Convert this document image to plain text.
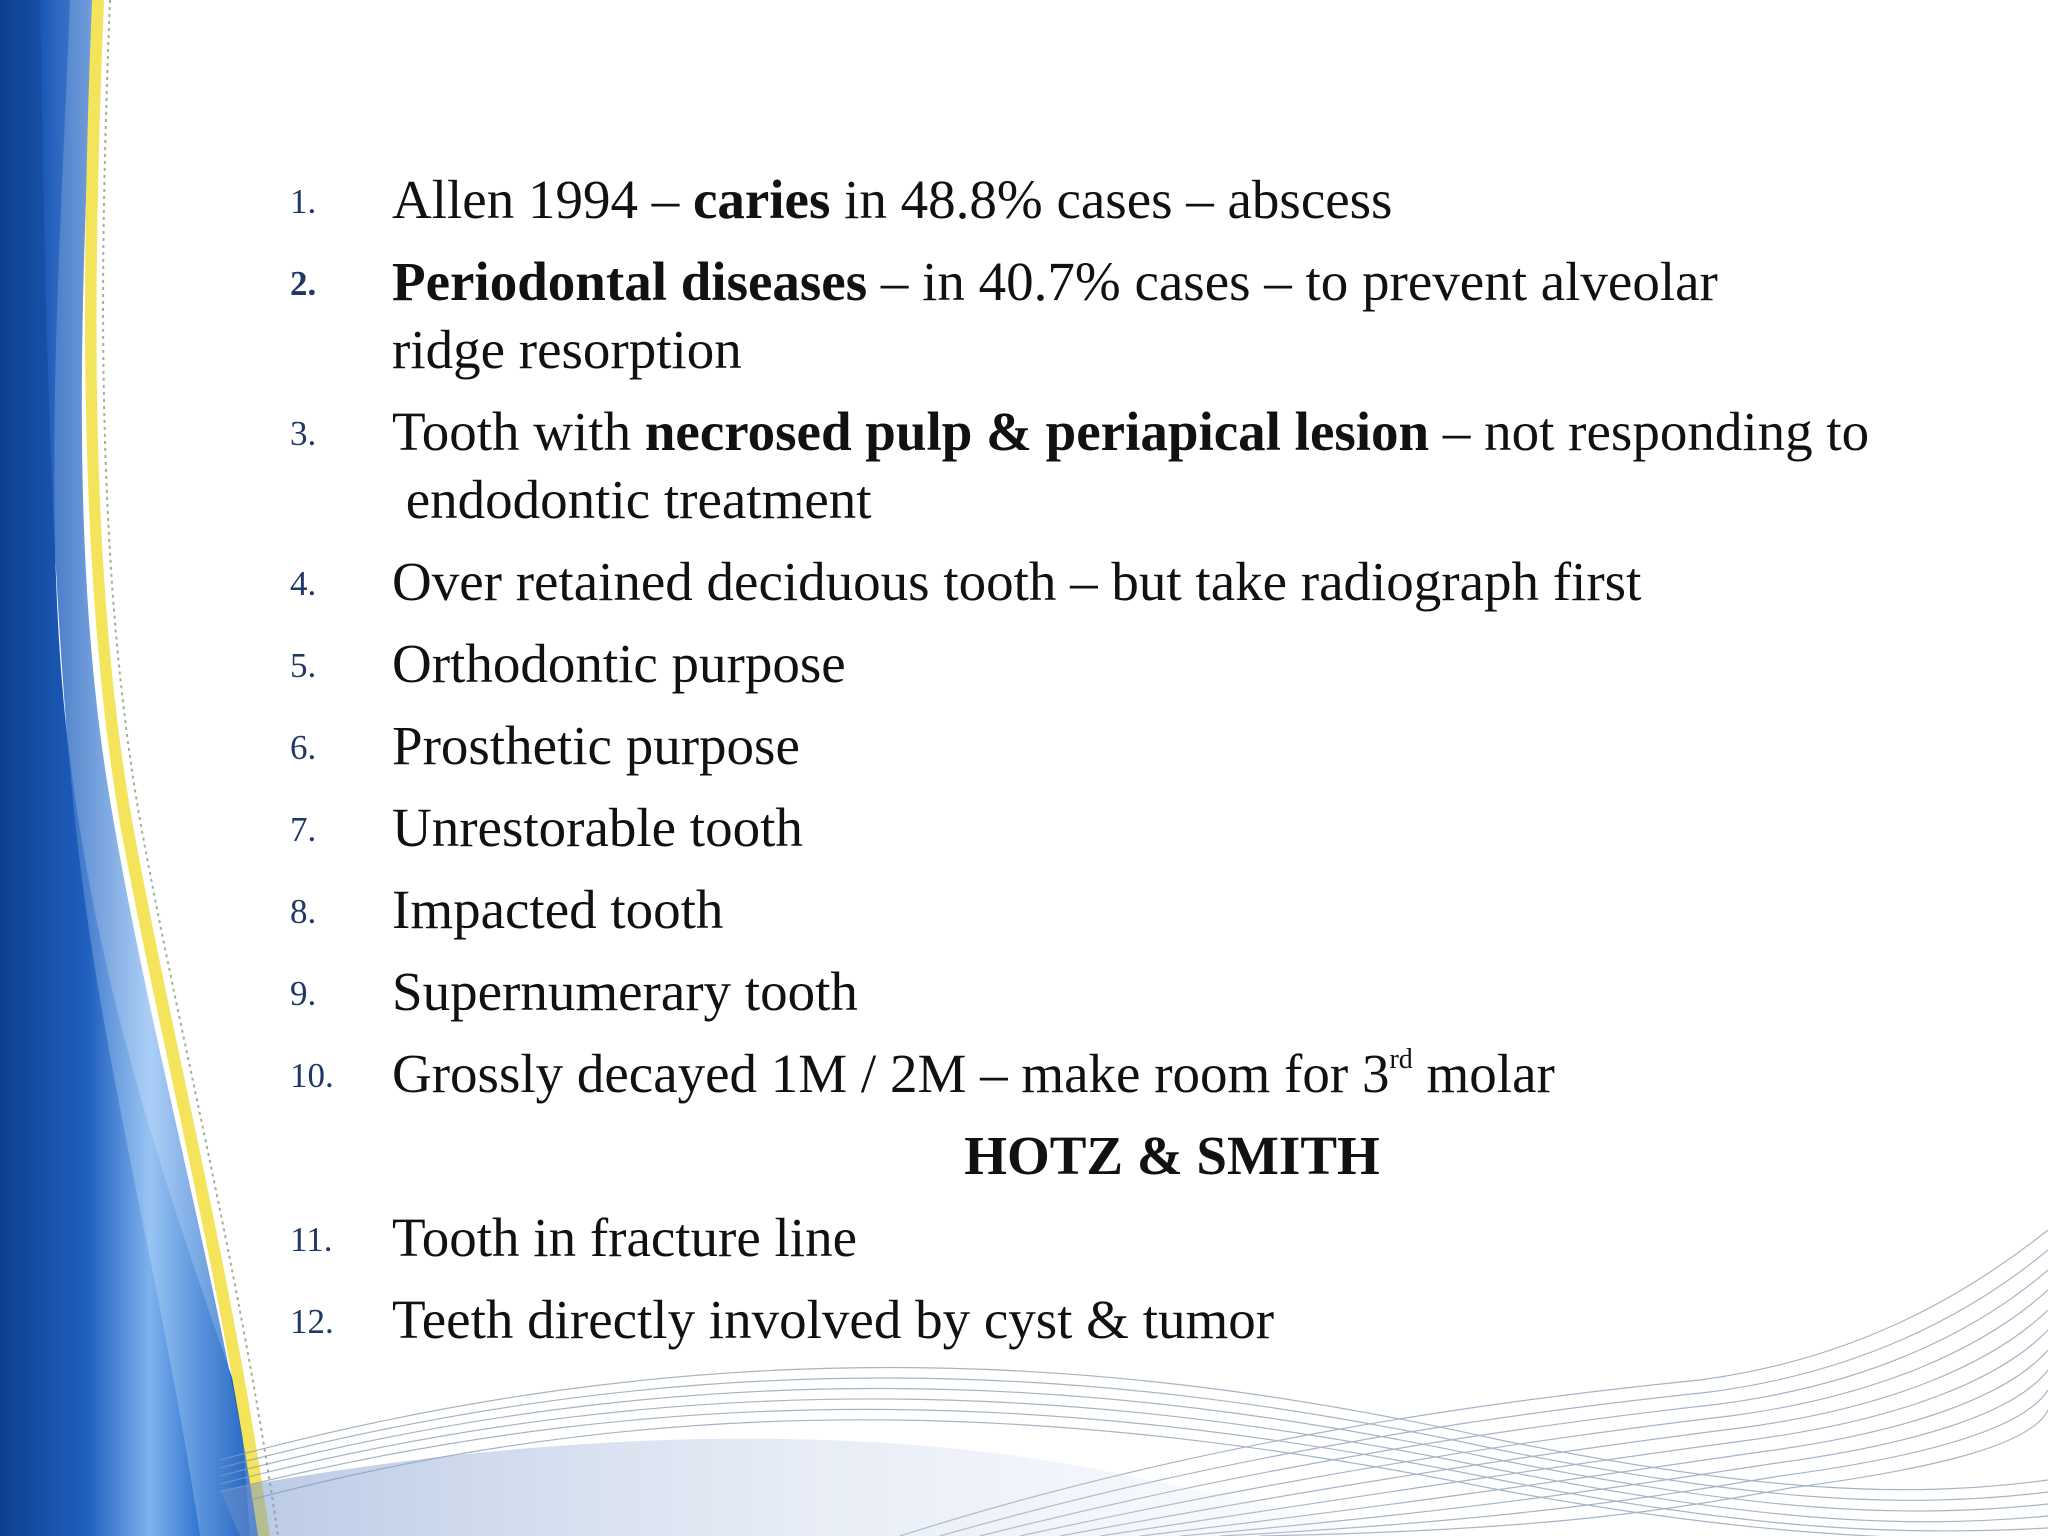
1. Allen 1994 – caries in 48.8% cases – abscess
2. Periodontal diseases – in 40.7% cases – to prevent alveolar
ridge resorption
3. Tooth with necrosed pulp & periapical lesion – not responding to
endodontic treatment
4. Over retained deciduous tooth – but take radiograph first
5. Orthodontic purpose
6. Prosthetic purpose
7. Unrestorable tooth
8. Impacted tooth
9. Supernumerary tooth
10. Grossly decayed 1M / 2M – make room for 3rd molar
HOTZ & SMITH
11. Tooth in fracture line
12. Teeth directly involved by cyst & tumor
